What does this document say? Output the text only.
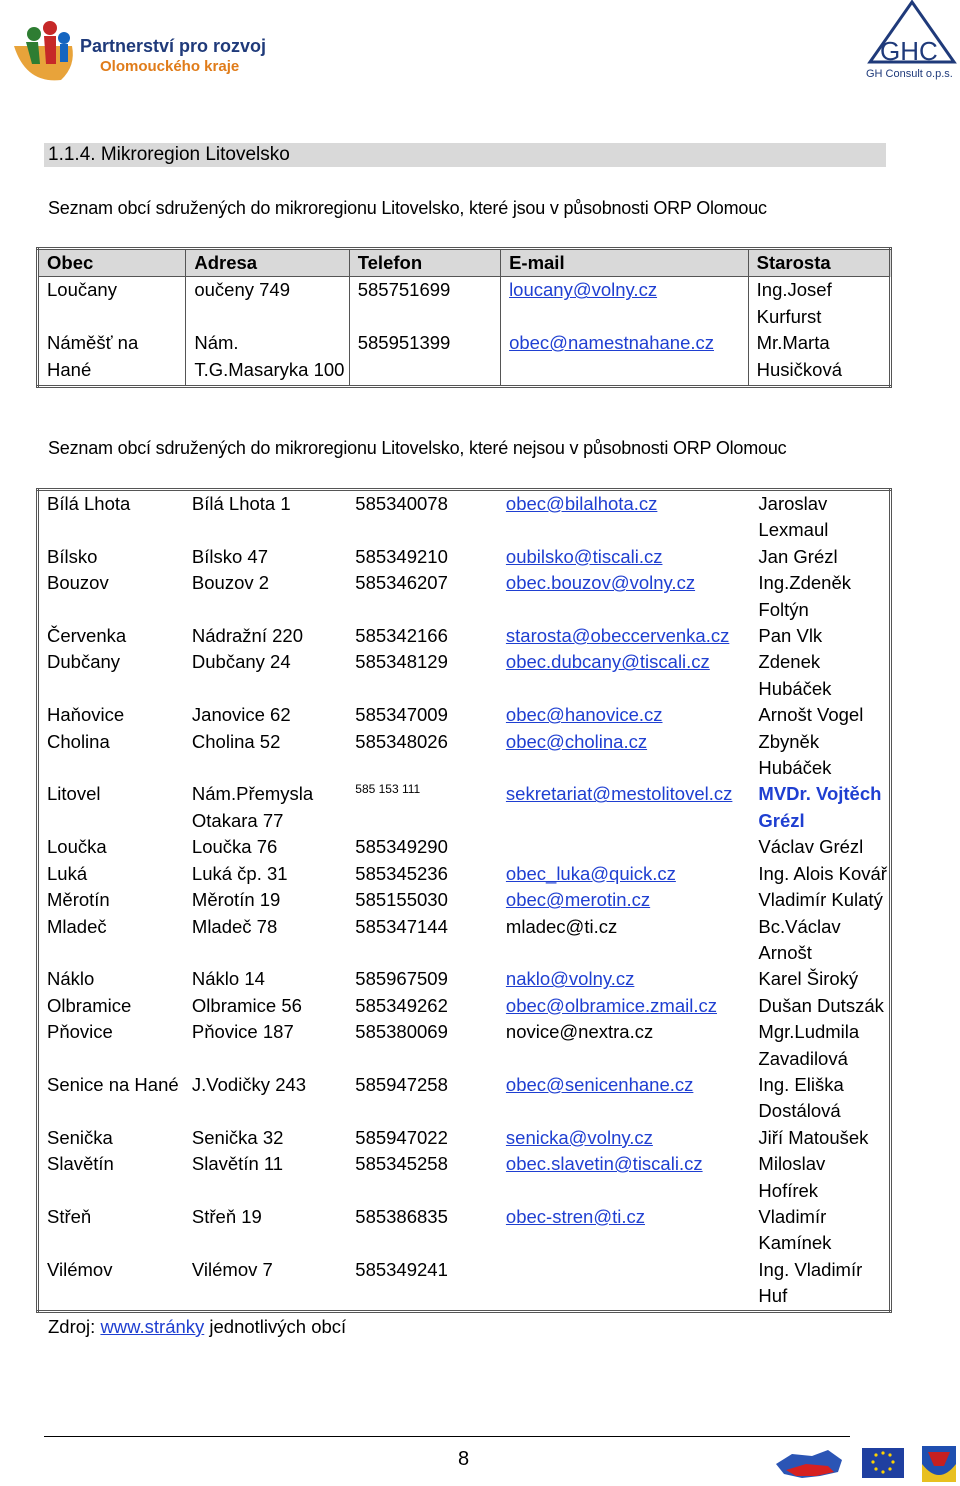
Partnerství pro rozvoj
Olomouckého kraje
GHC
GH Consult o.p.s.
1.1.4. Mikroregion Litovelsko
Seznam obcí sdružených do mikroregionu Litovelsko, které jsou v působnosti ORP Olomouc
Obec	Adresa	Telefon	E-mail	Starosta
Loučany	oučeny 749	585751699	loucany@volny.cz	Ing.Josef Kurfurst
Náměšť na Hané	Nám. T.G.Masaryka 100	585951399	obec@namestnahane.cz	Mr.Marta Husičková
Seznam obcí sdružených do mikroregionu Litovelsko, které nejsou v působnosti ORP Olomouc
Bílá Lhota	Bílá Lhota 1	585340078	obec@bilalhota.cz	Jaroslav Lexmaul
Bílsko	Bílsko 47	585349210	oubilsko@tiscali.cz	Jan Grézl
Bouzov	Bouzov 2	585346207	obec.bouzov@volny.cz	Ing.Zdeněk Foltýn
Červenka	Nádražní 220	585342166	starosta@obeccervenka.cz	Pan Vlk
Dubčany	Dubčany 24	585348129	obec.dubcany@tiscali.cz	Zdenek Hubáček
Haňovice	Janovice 62	585347009	obec@hanovice.cz	Arnošt Vogel
Cholina	Cholina 52	585348026	obec@cholina.cz	Zbyněk Hubáček
Litovel	Nám.Přemysla Otakara 77	585 153 111	sekretariat@mestolitovel.cz	MVDr. Vojtěch Grézl
Loučka	Loučka 76	585349290		Václav Grézl
Luká	Luká čp. 31	585345236	obec_luka@quick.cz	Ing. Alois Kovář
Měrotín	Měrotín 19	585155030	obec@merotin.cz	Vladimír Kulatý
Mladeč	Mladeč 78	585347144	mladec@ti.cz	Bc.Václav Arnošt
Náklo	Náklo 14	585967509	naklo@volny.cz	Karel Široký
Olbramice	Olbramice 56	585349262	obec@olbramice.zmail.cz	Dušan Dutszák
Pňovice	Pňovice 187	585380069	novice@nextra.cz	Mgr.Ludmila Zavadilová
Senice na Hané	J.Vodičky 243	585947258	obec@senicenhane.cz	Ing. Eliška Dostálová
Senička	Senička 32	585947022	senicka@volny.cz	Jiří Matoušek
Slavětín	Slavětín 11	585345258	obec.slavetin@tiscali.cz	Miloslav Hofírek
Střeň	Střeň 19	585386835	obec-stren@ti.cz	Vladimír Kamínek
Vilémov	Vilémov 7	585349241		Ing. Vladimír Huf
Zdroj: www.stránky jednotlivých obcí
8
